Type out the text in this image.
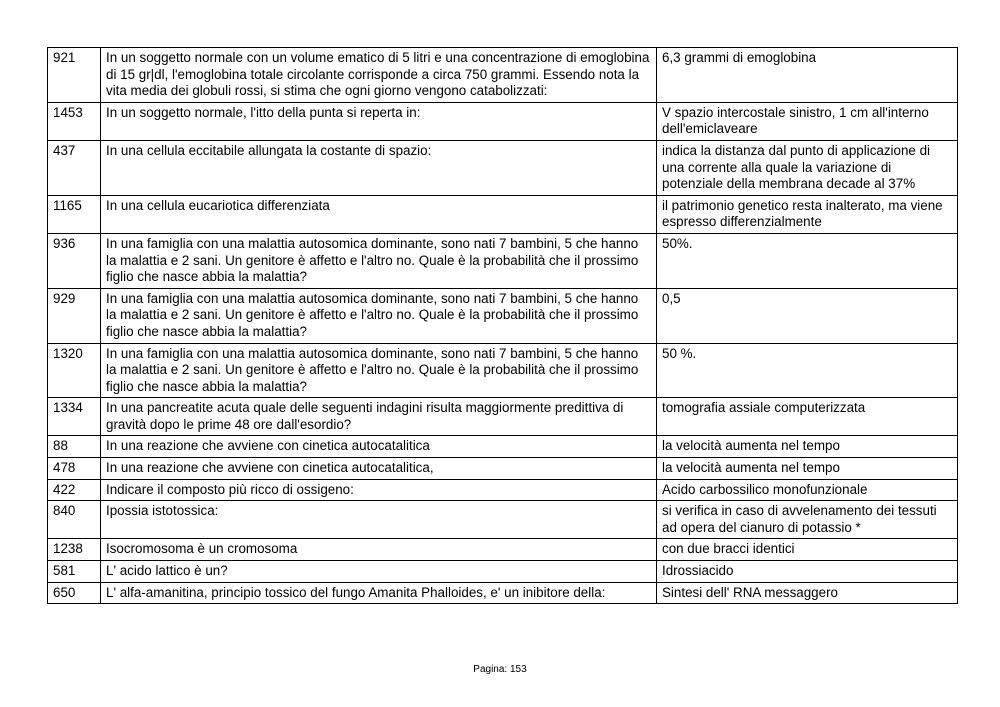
921	In un soggetto normale con un volume ematico di 5 litri e una concentrazione di emoglobina di 15 gr|dl, l'emoglobina totale circolante corrisponde a circa 750 grammi. Essendo nota la vita media dei globuli rossi, si stima che ogni giorno vengono catabolizzati:	6,3 grammi di emoglobina
1453	In un soggetto normale, l'itto della punta si reperta in:	V spazio intercostale sinistro, 1 cm all'interno dell'emiclaveare
437	In una cellula eccitabile allungata la costante di spazio:	indica la distanza dal punto di applicazione di una corrente alla quale la variazione di potenziale della membrana decade al 37%
1165	In una cellula eucariotica differenziata	il patrimonio genetico resta inalterato, ma viene espresso differenzialmente
936	In una famiglia con una malattia autosomica dominante, sono nati 7 bambini, 5 che hanno la malattia e 2 sani. Un genitore è affetto e l'altro no. Quale è la probabilità che il prossimo figlio che nasce abbia la malattia?	50%.
929	In una famiglia con una malattia autosomica dominante, sono nati 7 bambini, 5 che hanno la malattia e 2 sani. Un genitore è affetto e l'altro no. Quale è la probabilità che il prossimo figlio che nasce abbia la malattia?	0,5
1320	In una famiglia con una malattia autosomica dominante, sono nati 7 bambini, 5 che hanno la malattia e 2 sani. Un genitore è affetto e l'altro no. Quale è la probabilità che il prossimo figlio che nasce abbia la malattia?	50 %.
1334	In una pancreatite acuta quale delle seguenti indagini risulta maggiormente predittiva di gravità dopo le prime 48 ore dall'esordio?	tomografia assiale computerizzata
88	In una reazione che avviene con cinetica autocatalitica	la velocità aumenta nel tempo
478	In una reazione che avviene con cinetica autocatalitica,	la velocità aumenta nel tempo
422	Indicare il composto più ricco di ossigeno:	Acido carbossilico monofunzionale
840	Ipossia istotossica:	si verifica in caso di avvelenamento dei tessuti ad opera del cianuro di potassio *
1238	Isocromosoma è un cromosoma	con due bracci identici
581	L' acido lattico è un?	Idrossiacido
650	L' alfa-amanitina, principio tossico del fungo Amanita Phalloides, e' un inibitore della:	Sintesi dell' RNA messaggero
Pagina: 153
